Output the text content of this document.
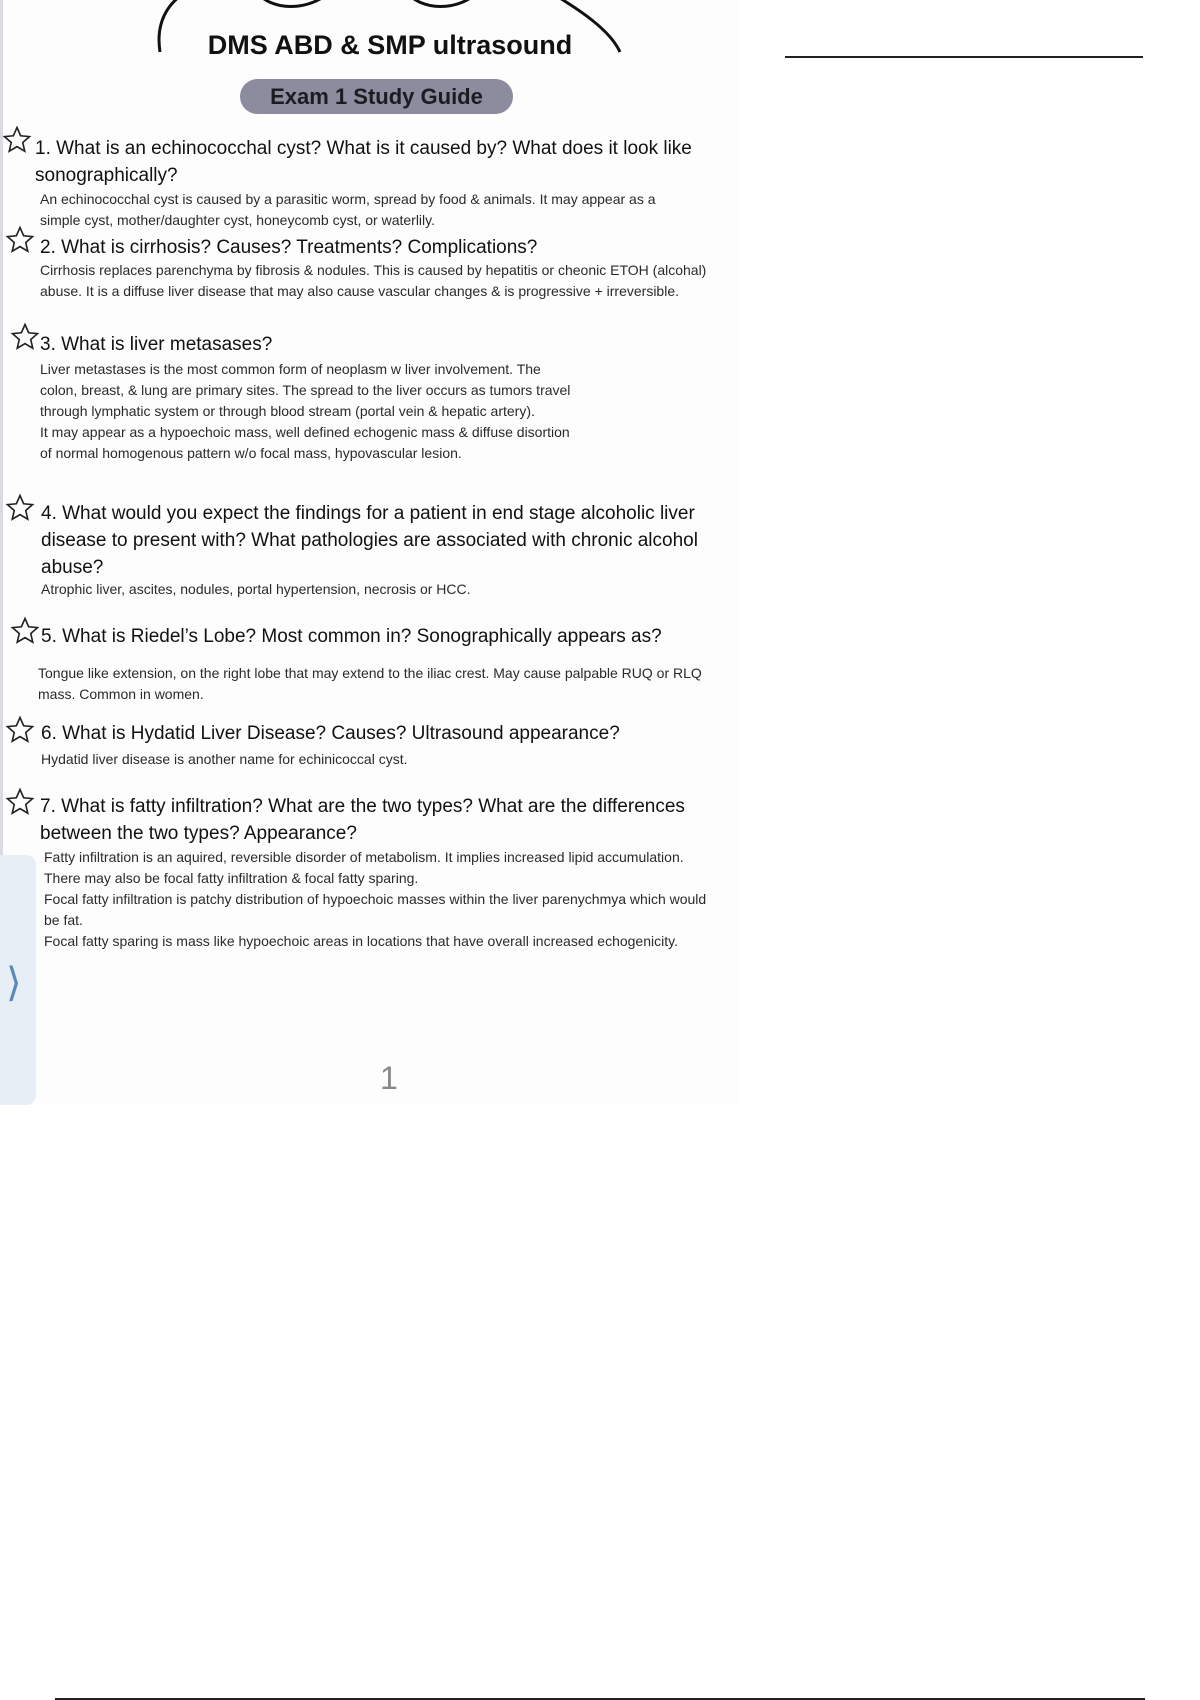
DMS ABD & SMP ultrasound
Exam 1 Study Guide
1. What is an echinococchal cyst? What is it caused by? What does it look like sonographically?

An echinococchal cyst is caused by a parasitic worm, spread by food & animals. It may appear as a simple cyst, mother/daughter cyst, honeycomb cyst, or waterlily.

2. What is cirrhosis? Causes? Treatments? Complications?

Cirrhosis replaces parenchyma by fibrosis & nodules. This is caused by hepatitis or cheonic ETOH (alcohal) abuse. It is a diffuse liver disease that may also cause vascular changes & is progressive + irreversible.

3. What is liver metasases?

Liver metastases is the most common form of neoplasm w liver involvement. The colon, breast, & lung are primary sites. The spread to the liver occurs as tumors travel through lymphatic system or through blood stream (portal vein & hepatic artery).

It may appear as a hypoechoic mass, well defined echogenic mass & diffuse disortion of normal homogenous pattern w/o focal mass, hypovascular lesion.

4. What would you expect the findings for a patient in end stage alcoholic liver disease to present with? What pathologies are associated with chronic alcohol abuse?

Atrophic liver, ascites, nodules, portal hypertension, necrosis or HCC.

5. What is Riedel’s Lobe? Most common in? Sonographically appears as?

Tongue like extension, on the right lobe that may extend to the iliac crest. May cause palpable RUQ or RLQ mass. Common in women.

6. What is Hydatid Liver Disease? Causes? Ultrasound appearance?

Hydatid liver disease is another name for echinicoccal cyst.

7. What is fatty infiltration? What are the two types? What are the differences between the two types? Appearance?

Fatty infiltration is an aquired, reversible disorder of metabolism. It implies increased lipid accumulation. There may also be focal fatty infiltration & focal fatty sparing.

Focal fatty infiltration is patchy distribution of hypoechoic masses within the liver parenychmya which would be fat.

Focal fatty sparing is mass like hypoechoic areas in locations that have overall increased echogenicity.

⟩
1
